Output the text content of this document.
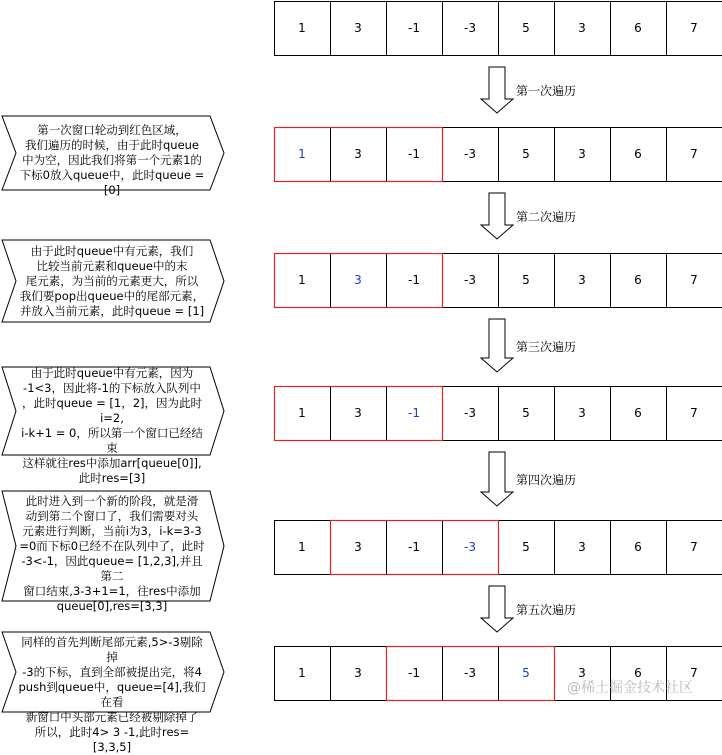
1	3	-1	-3	5	3	6	7
1	3	-1	-3	5	3	6	7
1	3	-1	-3	5	3	6	7
1	3	-1	-3	5	3	6	7
1	3	-1	-3	5	3	6	7
1	3	-1	-3	5	3	6	7
第一次遍历
第一次窗口轮动到红色区域，
我们遍历的时候，由于此时queue
中为空，因此我们将第一个元素1的
下标0放入queue中，此时queue = [0]
第二次遍历
由于此时queue中有元素，我们
比较当前元素和queue中的末
尾元素，为当前的元素更大，所以
我们要pop出queue中的尾部元素，
并放入当前元素，此时queue = [1]
第三次遍历
由于此时queue中有元素，因为
-1<3，因此将-1的下标放入队列中
，此时queue = [1，2]，因为此时i=2,
i-k+1 = 0，所以第一个窗口已经结束
这样就往res中添加arr[queue[0]],
此时res=[3]	第四次遍历
此时进入到一个新的阶段，就是滑
动到第二个窗口了，我们需要对头
元素进行判断，当前i为3，i-k=3-3
=0而下标0已经不在队列中了，此时
-3<-1，因此queue= [1,2,3],并且第二
窗口结束,3-3+1=1，往res中添加
queue[0],res=[3,3]	第五次遍历
同样的首先判断尾部元素,5>-3剔除掉
-3的下标，直到全部被提出完，将4
push到queue中，queue=[4],我们在看
新窗口中头部元素已经被剔除掉了
所以，此时4> 3 -1,此时res=[3,3,5]
@稀土掘金技术社区
